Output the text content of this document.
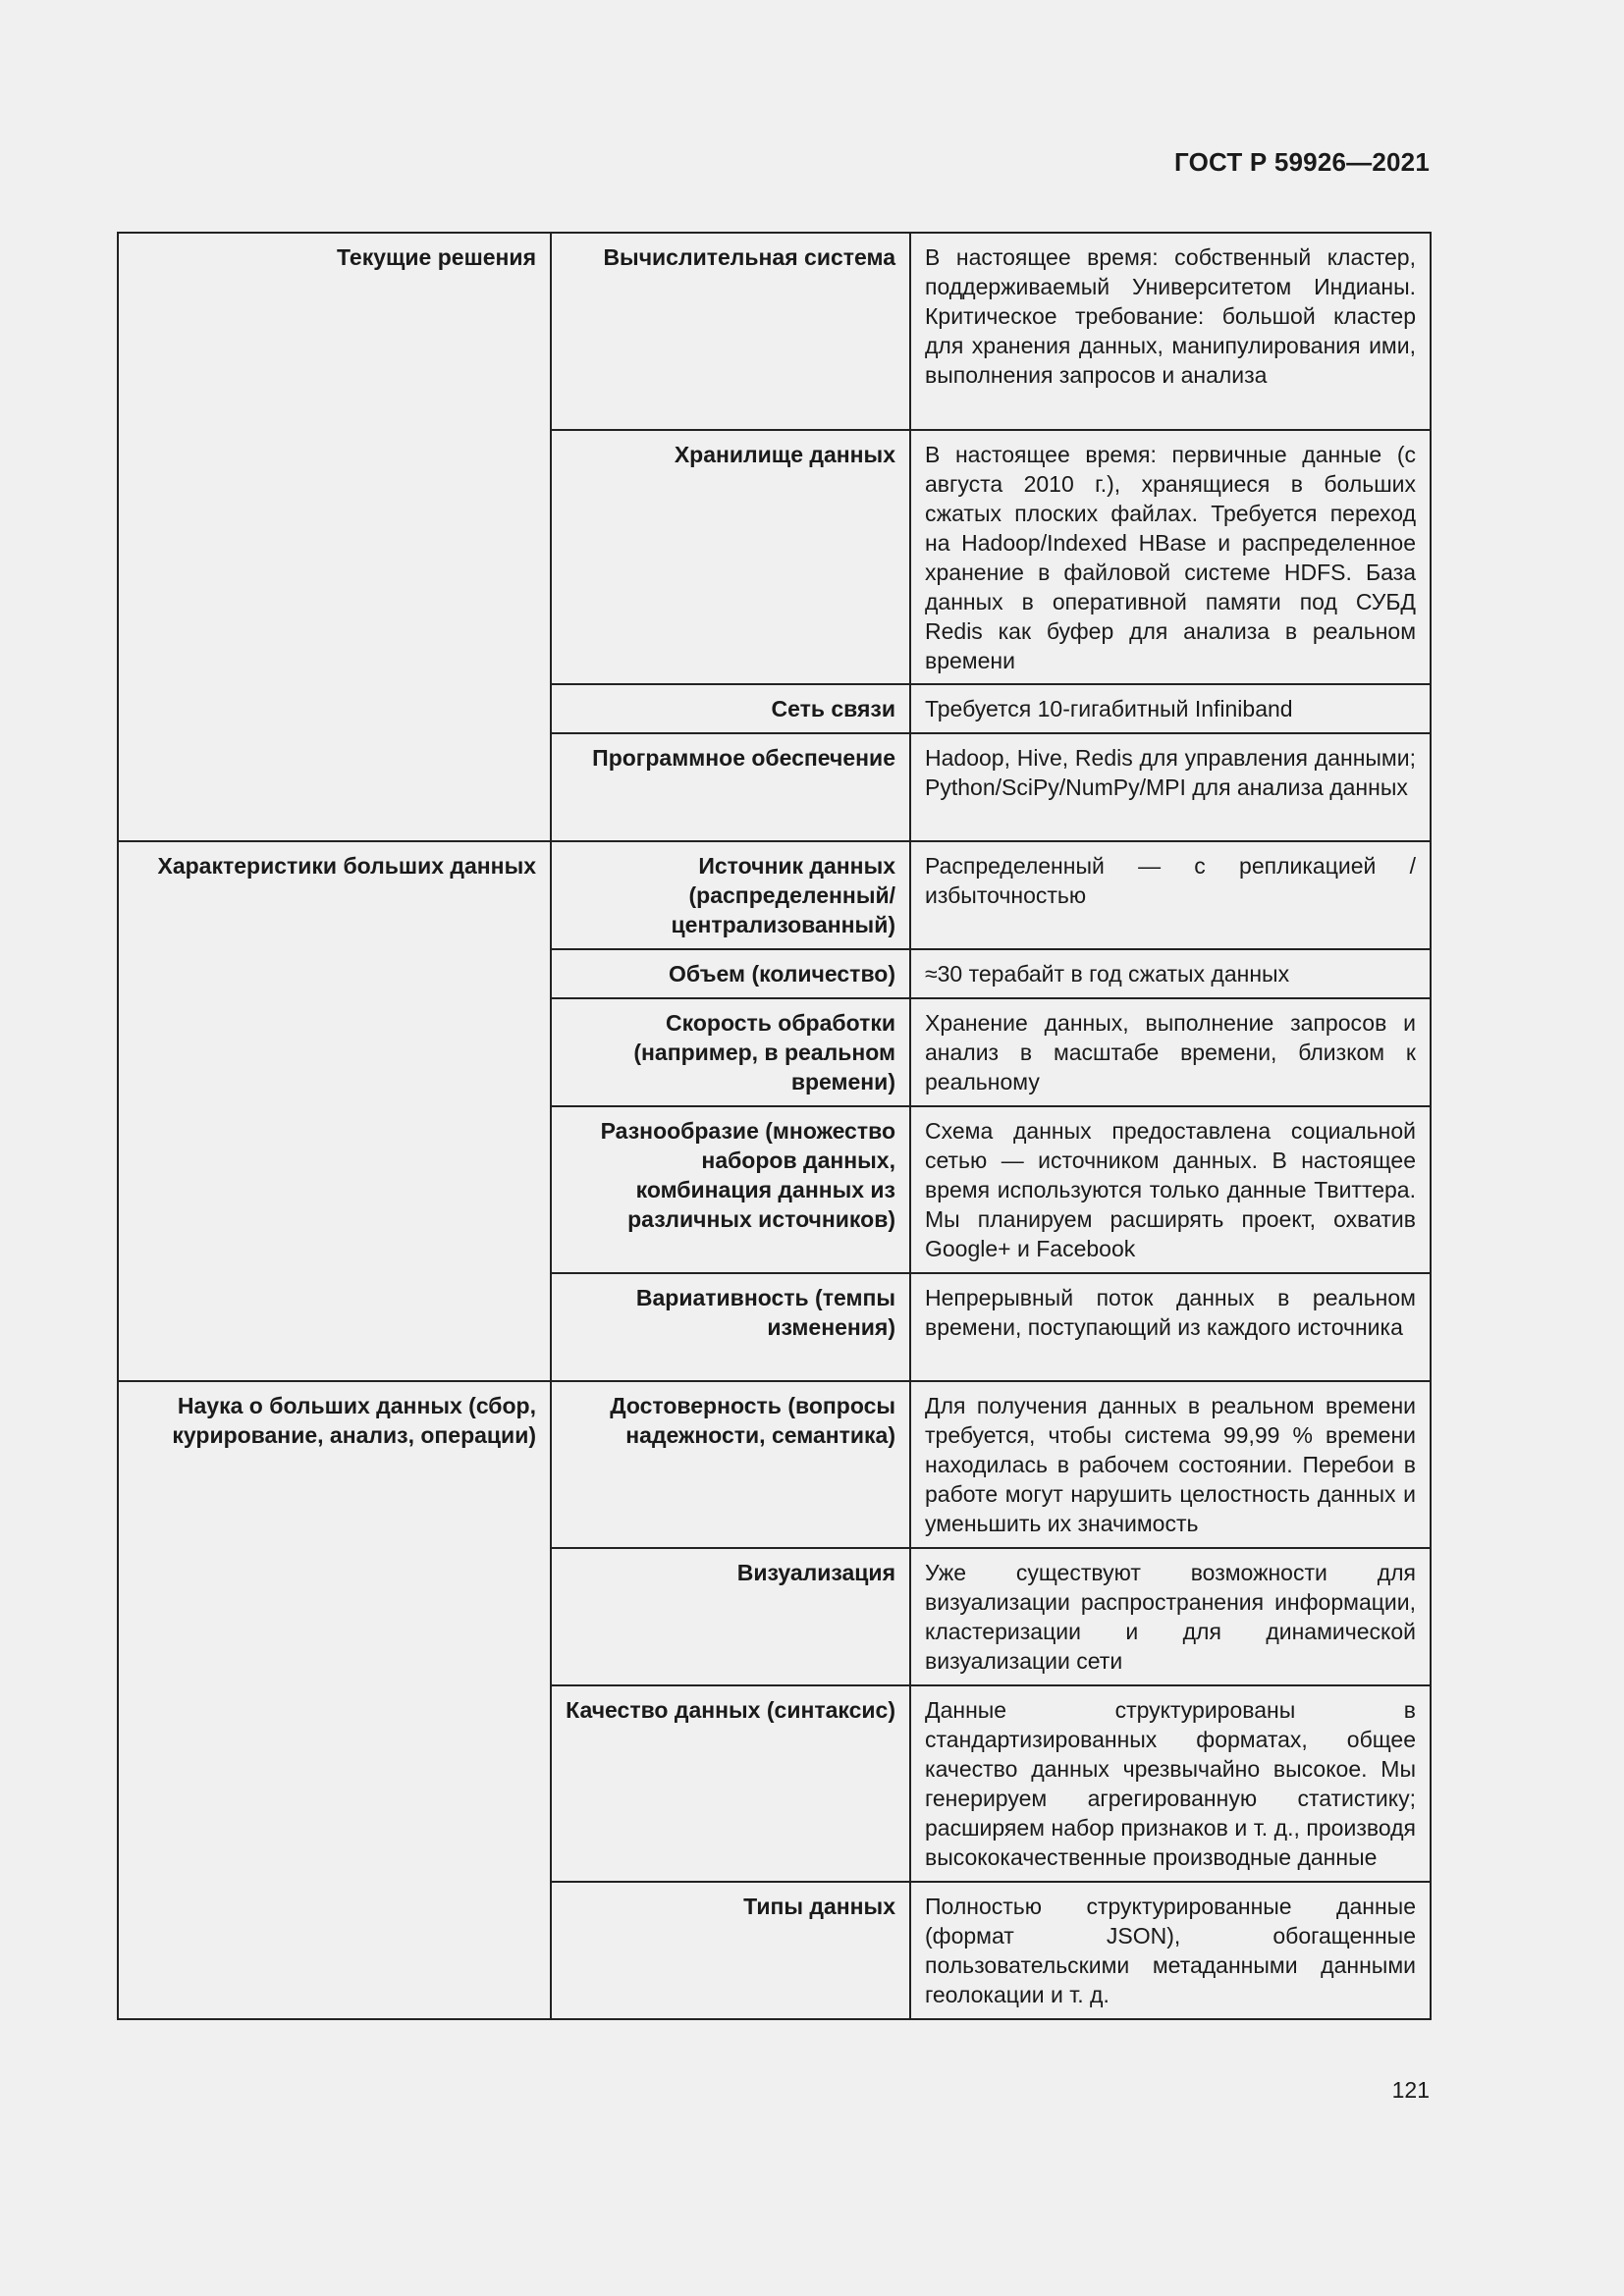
ГОСТ Р 59926—2021
Текущие решения	Вычислительная система	В настоящее время: собственный кластер, поддерживаемый Университетом Индианы. Критическое требование: большой кластер для хранения данных, манипулирования ими, выполнения запросов и анализа
	Хранилище данных	В настоящее время: первичные данные (с августа 2010 г.), хранящиеся в больших сжатых плоских файлах. Требуется переход на Hadoop/Indexed HBase и распределенное хранение в файловой системе HDFS. База данных в оперативной памяти под СУБД Redis как буфер для анализа в реальном времени
	Сеть связи	Требуется 10-гигабитный Infiniband
	Программное обеспечение	Hadoop, Hive, Redis для управления данными; Python/SciPy/NumPy/MPI для анализа данных
Характеристики больших данных	Источник данных (распределенный/ централизованный)	Распределенный — с репликацией / избыточностью
	Объем (количество)	≈30 терабайт в год сжатых данных
	Скорость обработки (например, в реальном времени)	Хранение данных, выполнение запросов и анализ в масштабе времени, близком к реальному
	Разнообразие (множество наборов данных, комбинация данных из различных источников)	Схема данных предоставлена социальной сетью — источником данных. В настоящее время используются только данные Твиттера. Мы планируем расширять проект, охватив Google+ и Facebook
	Вариативность (темпы изменения)	Непрерывный поток данных в реальном времени, поступающий из каждого источника
Наука о больших данных (сбор, курирование, анализ, операции)	Достоверность (вопросы надежности, семантика)	Для получения данных в реальном времени требуется, чтобы система 99,99 % времени находилась в рабочем состоянии. Перебои в работе могут нарушить целостность данных и уменьшить их значимость
	Визуализация	Уже существуют возможности для визуализации распространения информации, кластеризации и для динамической визуализации сети
	Качество данных (синтаксис)	Данные структурированы в стандартизированных форматах, общее качество данных чрезвычайно высокое. Мы генерируем агрегированную статистику; расширяем набор признаков и т. д., производя высококачественные производные данные
	Типы данных	Полностью структурированные данные (формат JSON), обогащенные пользовательскими метаданными данными геолокации и т. д.
121
